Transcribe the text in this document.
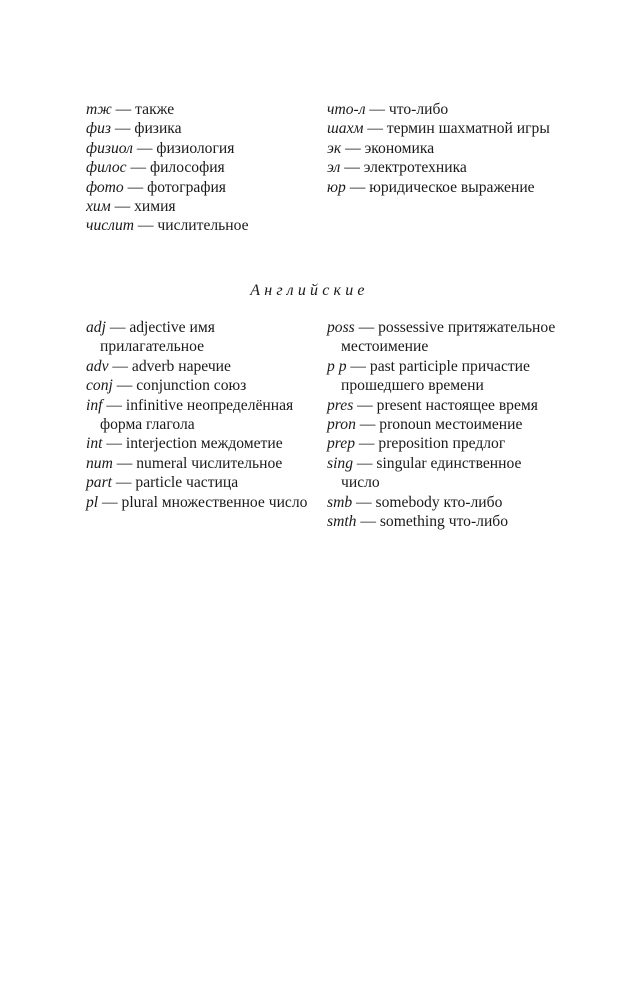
тж — также

физ — физика

физиол — физиология

филос — философия

фото — фотография

хим — химия

числит — числительное

что-л — что-либо

шахм — термин шахматной игры

эк — экономика

эл — электротехника

юр — юридическое выражение

Английские

adj — adjective имя прилагательное

adv — adverb наречие

conj — conjunction союз

inf — infinitive неопределённая форма глагола

int — interjection междометие

num — numeral числительное

part — particle частица

pl — plural множественное число

poss — possessive притяжательное местоимение

p p — past participle причастие прошедшего времени

pres — present настоящее время

pron — pronoun местоимение

prep — preposition предлог

sing — singular единственное число

smb — somebody кто-либо

smth — something что-либо
